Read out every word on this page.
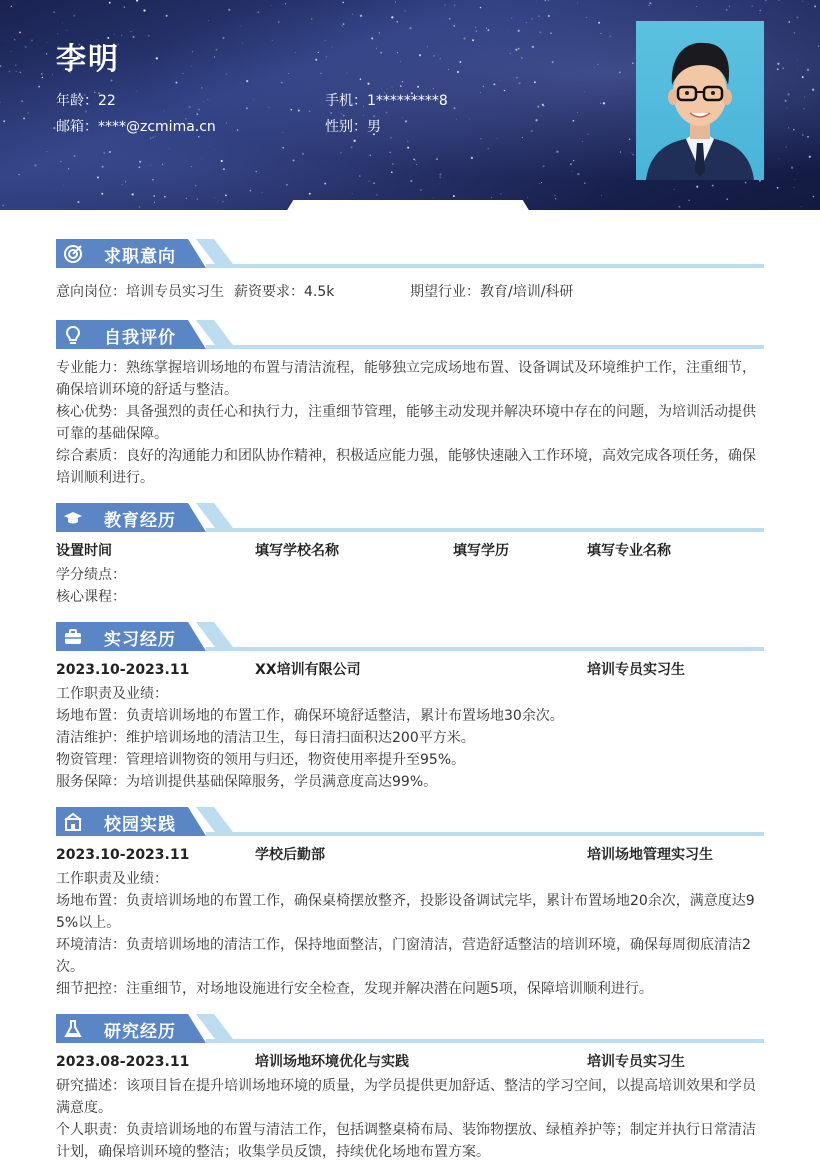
李明
年龄：22	手机：1*********8
邮箱：****@zcmima.cn	性别：男
求职意向
意向岗位：培训专员实习生 薪资要求：4.5k	期望行业：教育/培训/科研
自我评价
专业能力：熟练掌握培训场地的布置与清洁流程，能够独立完成场地布置、设备调试及环境维护工作，注重细节，
确保培训环境的舒适与整洁。
核心优势：具备强烈的责任心和执行力，注重细节管理，能够主动发现并解决环境中存在的问题，为培训活动提供
可靠的基础保障。
综合素质：良好的沟通能力和团队协作精神，积极适应能力强，能够快速融入工作环境，高效完成各项任务，确保
培训顺利进行。
教育经历
设置时间	填写学校名称	填写学历	填写专业名称
学分绩点：
核心课程：
实习经历
2023.10-2023.11	XX培训有限公司	培训专员实习生
工作职责及业绩：
场地布置：负责培训场地的布置工作，确保环境舒适整洁，累计布置场地30余次。
清洁维护：维护培训场地的清洁卫生，每日清扫面积达200平方米。
物资管理：管理培训物资的领用与归还，物资使用率提升至95%。
服务保障：为培训提供基础保障服务，学员满意度高达99%。
校园实践
2023.10-2023.11	学校后勤部	培训场地管理实习生
工作职责及业绩：
场地布置：负责培训场地的布置工作，确保桌椅摆放整齐，投影设备调试完毕，累计布置场地20余次，满意度达9
5%以上。
环境清洁：负责培训场地的清洁工作，保持地面整洁，门窗清洁，营造舒适整洁的培训环境，确保每周彻底清洁2
次。
细节把控：注重细节，对场地设施进行安全检查，发现并解决潜在问题5项，保障培训顺利进行。
研究经历
2023.08-2023.11	培训场地环境优化与实践	培训专员实习生
研究描述：该项目旨在提升培训场地环境的质量，为学员提供更加舒适、整洁的学习空间，以提高培训效果和学员
满意度。
个人职责：负责培训场地的布置与清洁工作，包括调整桌椅布局、装饰物摆放、绿植养护等；制定并执行日常清洁
计划，确保培训环境的整洁；收集学员反馈，持续优化场地布置方案。
